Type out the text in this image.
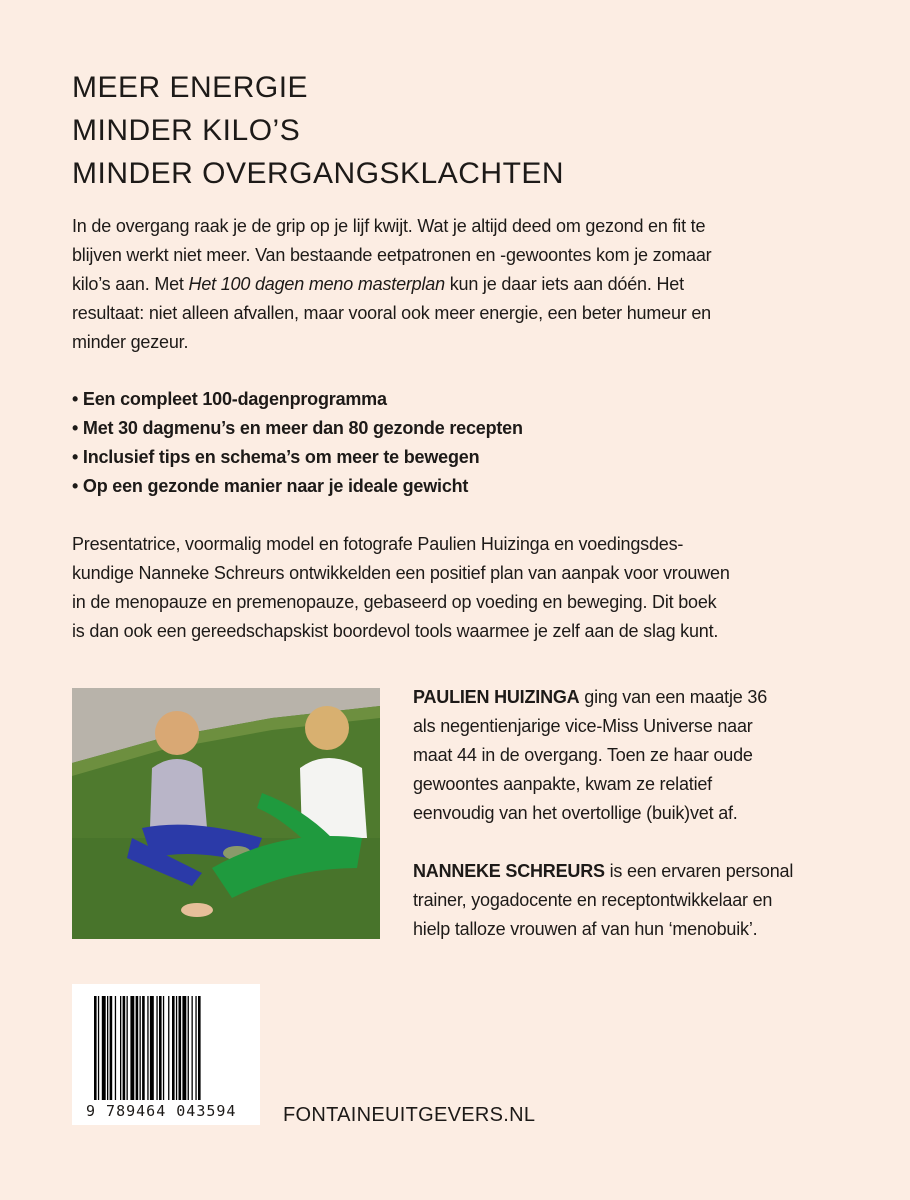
MEER ENERGIE
MINDER KILO’S
MINDER OVERGANGSKLACHTEN
In de overgang raak je de grip op je lijf kwijt. Wat je altijd deed om gezond en fit te
blijven werkt niet meer. Van bestaande eetpatronen en -gewoontes kom je zomaar
kilo’s aan. Met Het 100 dagen meno masterplan kun je daar iets aan dóén. Het
resultaat: niet alleen afvallen, maar vooral ook meer energie, een beter humeur en
minder gezeur.
• Een compleet 100-dagenprogramma
• Met 30 dagmenu’s en meer dan 80 gezonde recepten
• Inclusief tips en schema’s om meer te bewegen
• Op een gezonde manier naar je ideale gewicht
Presentatrice, voormalig model en fotografe Paulien Huizinga en voedingsdes-
kundige Nanneke Schreurs ontwikkelden een positief plan van aanpak voor vrouwen
in de menopauze en premenopauze, gebaseerd op voeding en beweging. Dit boek
is dan ook een gereedschapskist boordevol tools waarmee je zelf aan de slag kunt.
PAULIEN HUIZINGA ging van een maatje 36
als negentienjarige vice-Miss Universe naar
maat 44 in de overgang. Toen ze haar oude
gewoontes aanpakte, kwam ze relatief
eenvoudig van het overtollige (buik)vet af.
NANNEKE SCHREURS is een ervaren personal
trainer, yogadocente en receptontwikkelaar en
hielp talloze vrouwen af van hun ‘menobuik’.
9 789464 043594 FONTAINEUITGEVERS.NL
